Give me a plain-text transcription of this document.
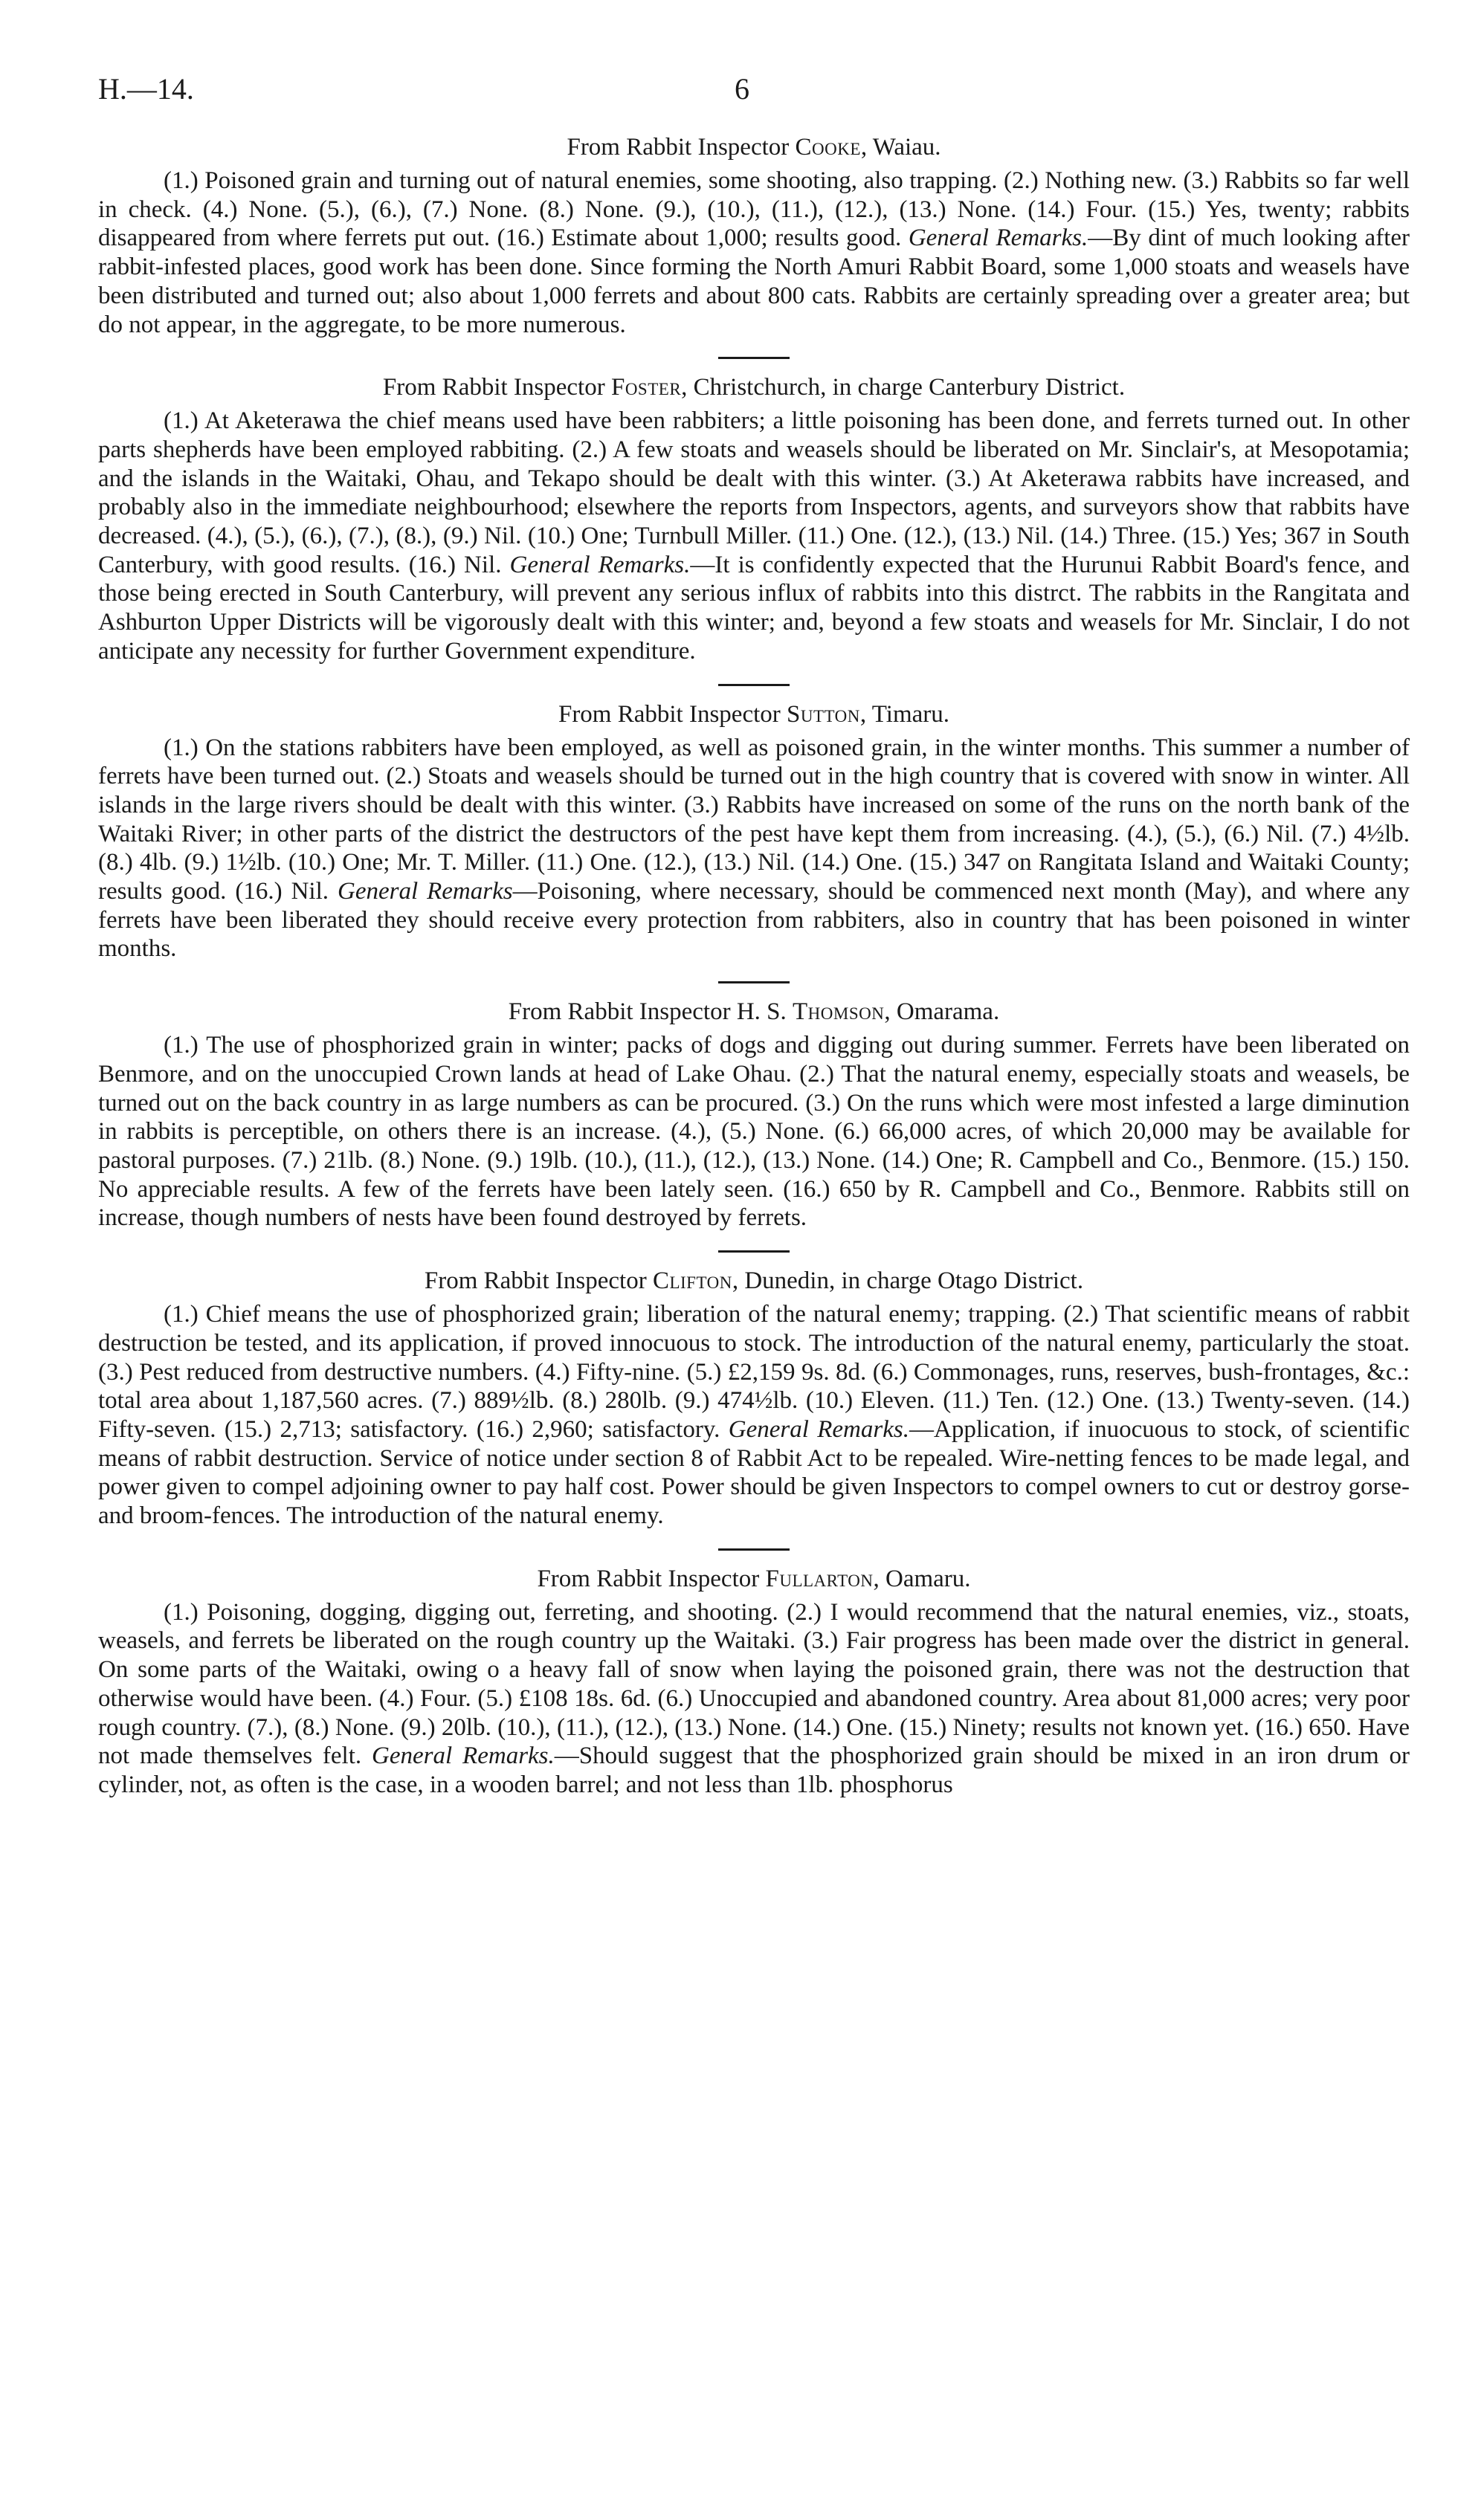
H.—14.	6

From Rabbit Inspector Cooke, Waiau.

(1.) Poisoned grain and turning out of natural enemies, some shooting, also trapping. (2.) Nothing new. (3.) Rabbits so far well in check. (4.) None. (5.), (6.), (7.) None. (8.) None. (9.), (10.), (11.), (12.), (13.) None. (14.) Four. (15.) Yes, twenty; rabbits disappeared from where ferrets put out. (16.) Estimate about 1,000; results good. General Remarks.—By dint of much looking after rabbit-infested places, good work has been done. Since forming the North Amuri Rabbit Board, some 1,000 stoats and weasels have been distributed and turned out; also about 1,000 ferrets and about 800 cats. Rabbits are certainly spreading over a greater area; but do not appear, in the aggregate, to be more numerous.

From Rabbit Inspector Foster, Christchurch, in charge Canterbury District.

(1.) At Aketerawa the chief means used have been rabbiters; a little poisoning has been done, and ferrets turned out. In other parts shepherds have been employed rabbiting. (2.) A few stoats and weasels should be liberated on Mr. Sinclair's, at Mesopotamia; and the islands in the Waitaki, Ohau, and Tekapo should be dealt with this winter. (3.) At Aketerawa rabbits have increased, and probably also in the immediate neighbourhood; elsewhere the reports from Inspectors, agents, and surveyors show that rabbits have decreased. (4.), (5.), (6.), (7.), (8.), (9.) Nil. (10.) One; Turnbull Miller. (11.) One. (12.), (13.) Nil. (14.) Three. (15.) Yes; 367 in South Canterbury, with good results. (16.) Nil. General Remarks.—It is confidently expected that the Hurunui Rabbit Board's fence, and those being erected in South Canterbury, will prevent any serious influx of rabbits into this distrct. The rabbits in the Rangitata and Ashburton Upper Districts will be vigorously dealt with this winter; and, beyond a few stoats and weasels for Mr. Sinclair, I do not anticipate any necessity for further Government expenditure.

From Rabbit Inspector Sutton, Timaru.

(1.) On the stations rabbiters have been employed, as well as poisoned grain, in the winter months. This summer a number of ferrets have been turned out. (2.) Stoats and weasels should be turned out in the high country that is covered with snow in winter. All islands in the large rivers should be dealt with this winter. (3.) Rabbits have increased on some of the runs on the north bank of the Waitaki River; in other parts of the district the destructors of the pest have kept them from increasing. (4.), (5.), (6.) Nil. (7.) 4½lb. (8.) 4lb. (9.) 1½lb. (10.) One; Mr. T. Miller. (11.) One. (12.), (13.) Nil. (14.) One. (15.) 347 on Rangitata Island and Waitaki County; results good. (16.) Nil. General Remarks—Poisoning, where necessary, should be commenced next month (May), and where any ferrets have been liberated they should receive every protection from rabbiters, also in country that has been poisoned in winter months.

From Rabbit Inspector H. S. Thomson, Omarama.

(1.) The use of phosphorized grain in winter; packs of dogs and digging out during summer. Ferrets have been liberated on Benmore, and on the unoccupied Crown lands at head of Lake Ohau. (2.) That the natural enemy, especially stoats and weasels, be turned out on the back country in as large numbers as can be procured. (3.) On the runs which were most infested a large diminution in rabbits is perceptible, on others there is an increase. (4.), (5.) None. (6.) 66,000 acres, of which 20,000 may be available for pastoral purposes. (7.) 21lb. (8.) None. (9.) 19lb. (10.), (11.), (12.), (13.) None. (14.) One; R. Campbell and Co., Benmore. (15.) 150. No appreciable results. A few of the ferrets have been lately seen. (16.) 650 by R. Campbell and Co., Benmore. Rabbits still on increase, though numbers of nests have been found destroyed by ferrets.

From Rabbit Inspector Clifton, Dunedin, in charge Otago District.

(1.) Chief means the use of phosphorized grain; liberation of the natural enemy; trapping. (2.) That scientific means of rabbit destruction be tested, and its application, if proved innocuous to stock. The introduction of the natural enemy, particularly the stoat. (3.) Pest reduced from destructive numbers. (4.) Fifty-nine. (5.) £2,159 9s. 8d. (6.) Commonages, runs, reserves, bush-frontages, &c.: total area about 1,187,560 acres. (7.) 889½lb. (8.) 280lb. (9.) 474½lb. (10.) Eleven. (11.) Ten. (12.) One. (13.) Twenty-seven. (14.) Fifty-seven. (15.) 2,713; satisfactory. (16.) 2,960; satisfactory. General Remarks.—Application, if inuocuous to stock, of scientific means of rabbit destruction. Service of notice under section 8 of Rabbit Act to be repealed. Wire-netting fences to be made legal, and power given to compel adjoining owner to pay half cost. Power should be given Inspectors to compel owners to cut or destroy gorse- and broom-fences. The introduction of the natural enemy.

From Rabbit Inspector Fullarton, Oamaru.

(1.) Poisoning, dogging, digging out, ferreting, and shooting. (2.) I would recommend that the natural enemies, viz., stoats, weasels, and ferrets be liberated on the rough country up the Waitaki. (3.) Fair progress has been made over the district in general. On some parts of the Waitaki, owing o a heavy fall of snow when laying the poisoned grain, there was not the destruction that otherwise would have been. (4.) Four. (5.) £108 18s. 6d. (6.) Unoccupied and abandoned country. Area about 81,000 acres; very poor rough country. (7.), (8.) None. (9.) 20lb. (10.), (11.), (12.), (13.) None. (14.) One. (15.) Ninety; results not known yet. (16.) 650. Have not made themselves felt. General Remarks.—Should suggest that the phosphorized grain should be mixed in an iron drum or cylinder, not, as often is the case, in a wooden barrel; and not less than 1lb. phosphorus
